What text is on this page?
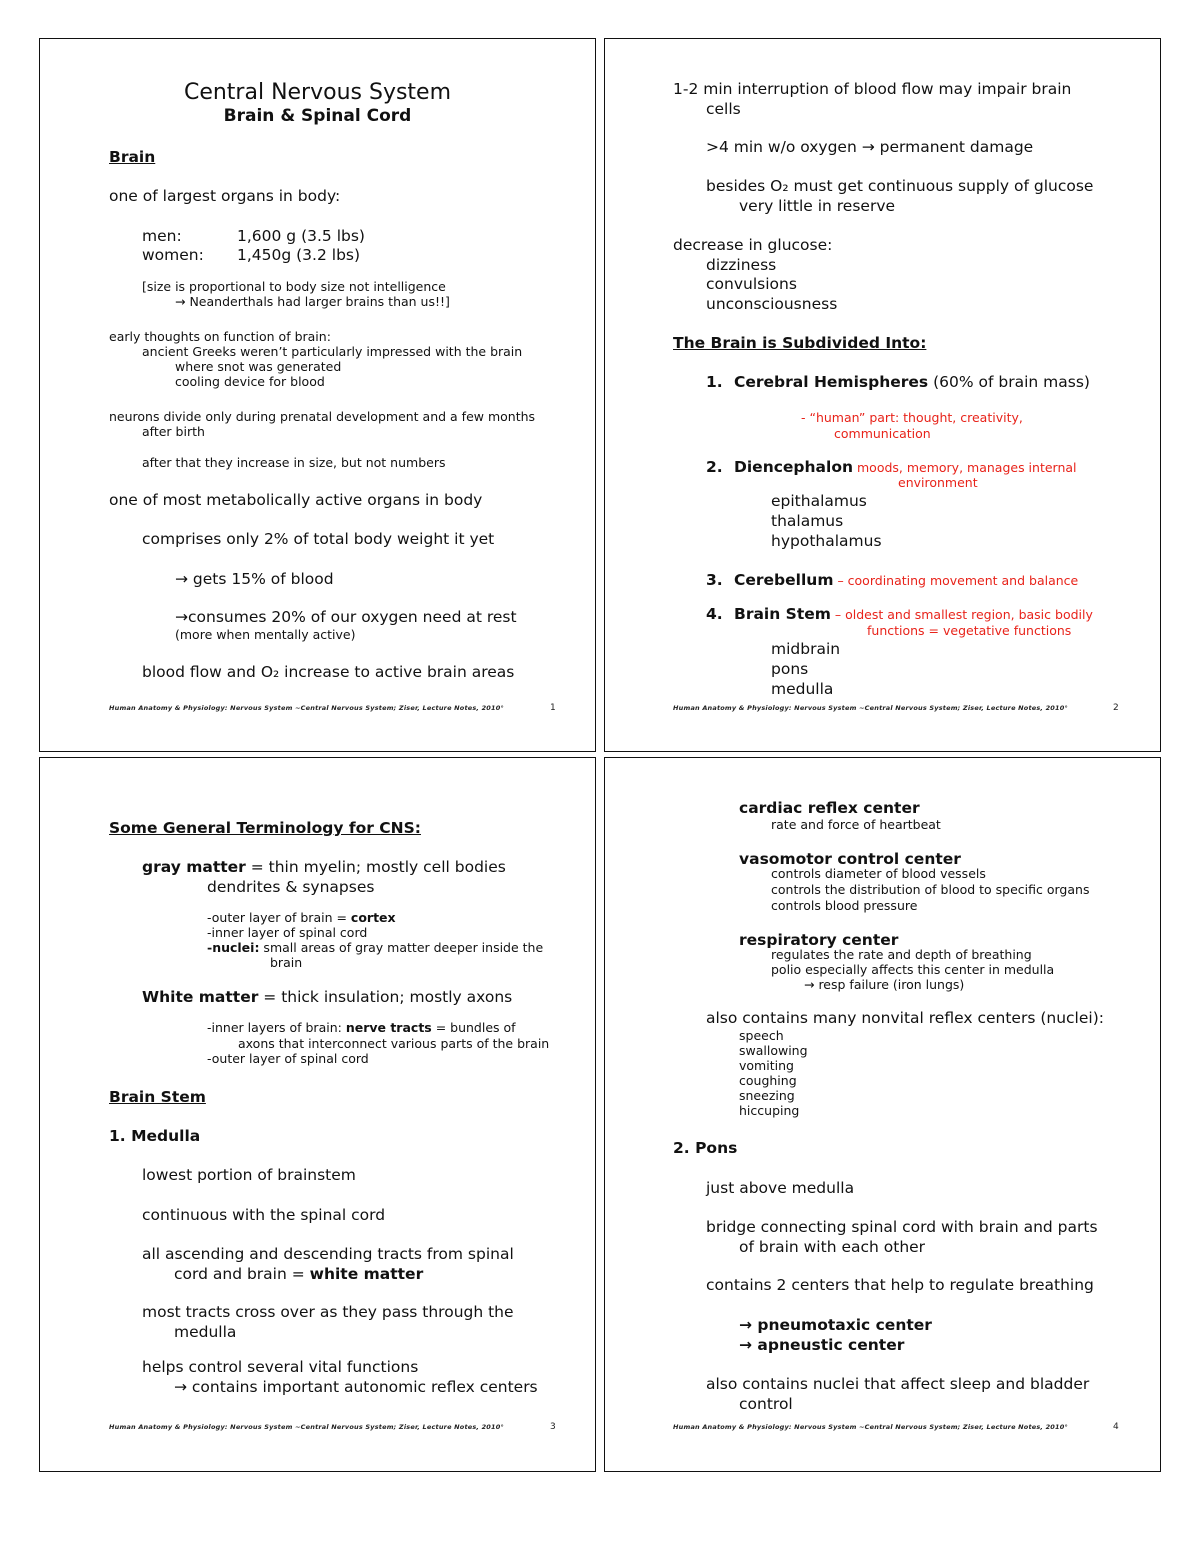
Central Nervous System
Brain & Spinal Cord
Brain
one of largest organs in body:
men:	1,600 g (3.5 lbs)
women: 1,450g (3.2 lbs)
[size is proportional to body size not intelligence
→ Neanderthals had larger brains than us!!]
early thoughts on function of brain:
ancient Greeks weren’t particularly impressed with the brain
where snot was generated
cooling device for blood
neurons divide only during prenatal development and a few months
after birth
after that they increase in size, but not numbers
one of most metabolically active organs in body
comprises only 2% of total body weight it yet
→ gets 15% of blood
→consumes 20% of our oxygen need at rest
(more when mentally active)
blood flow and O₂ increase to active brain areas
Human Anatomy & Physiology: Nervous System ~Central Nervous System; Ziser, Lecture Notes, 2010°	1
1-2 min interruption of blood flow may impair brain
cells
>4 min w/o oxygen → permanent damage
besides O₂ must get continuous supply of glucose
very little in reserve
decrease in glucose:
dizziness
convulsions
unconsciousness
The Brain is Subdivided Into:
1. Cerebral Hemispheres (60% of brain mass)
- “human” part: thought, creativity,
communication
2. Diencephalon moods, memory, manages internal
environment
epithalamus
thalamus
hypothalamus
3. Cerebellum – coordinating movement and balance
4. Brain Stem – oldest and smallest region, basic bodily
functions = vegetative functions
midbrain
pons
medulla
Human Anatomy & Physiology: Nervous System ~Central Nervous System; Ziser, Lecture Notes, 2010°	2
Some General Terminology for CNS:
gray matter = thin myelin; mostly cell bodies
dendrites & synapses
-outer layer of brain = cortex
-inner layer of spinal cord
-nuclei: small areas of gray matter deeper inside the
brain
White matter = thick insulation; mostly axons
-inner layers of brain: nerve tracts = bundles of
axons that interconnect various parts of the brain
-outer layer of spinal cord
Brain Stem
1. Medulla
lowest portion of brainstem
continuous with the spinal cord
all ascending and descending tracts from spinal
cord and brain = white matter
most tracts cross over as they pass through the
medulla
helps control several vital functions
→ contains important autonomic reflex centers
Human Anatomy & Physiology: Nervous System ~Central Nervous System; Ziser, Lecture Notes, 2010°	3
cardiac reflex center
rate and force of heartbeat
vasomotor control center
controls diameter of blood vessels
controls the distribution of blood to specific organs
controls blood pressure
respiratory center
regulates the rate and depth of breathing
polio especially affects this center in medulla
→ resp failure (iron lungs)
also contains many nonvital reflex centers (nuclei):
speech
swallowing
vomiting
coughing
sneezing
hiccuping
2. Pons
just above medulla
bridge connecting spinal cord with brain and parts
of brain with each other
contains 2 centers that help to regulate breathing
→ pneumotaxic center
→ apneustic center
also contains nuclei that affect sleep and bladder
control
Human Anatomy & Physiology: Nervous System ~Central Nervous System; Ziser, Lecture Notes, 2010°	4
